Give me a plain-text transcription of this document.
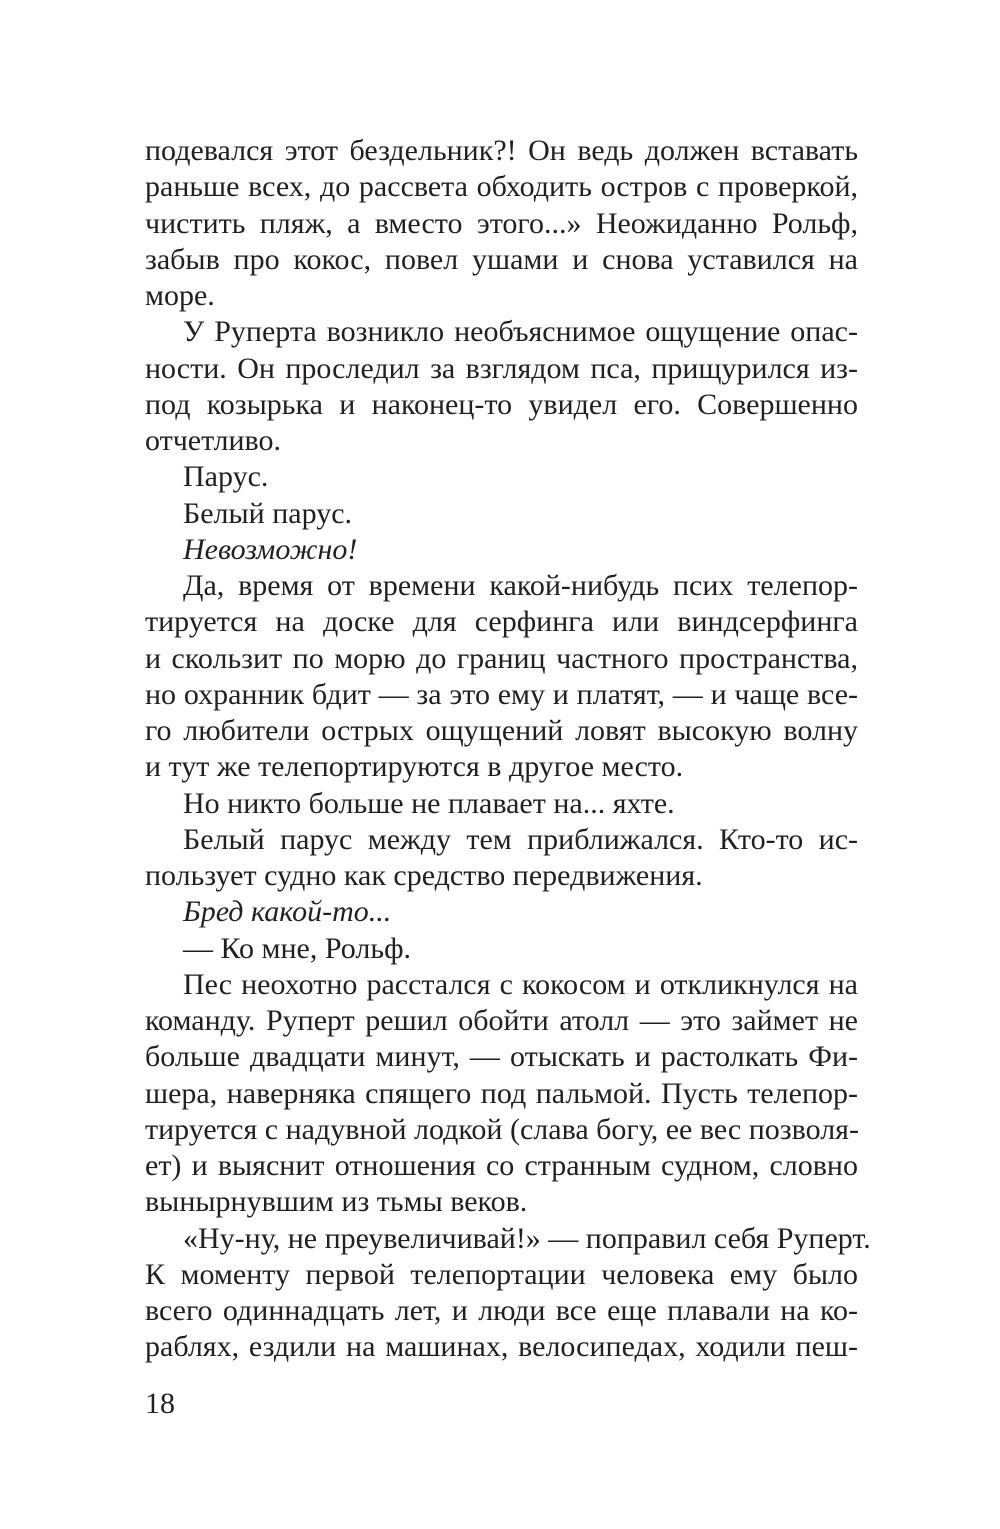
подевался этот бездельник?! Он ведь должен вставать
раньше всех, до рассвета обходить остров с проверкой,
чистить пляж, а вместо этого...» Неожиданно Рольф,
забыв про кокос, повел ушами и снова уставился на
море.
У Руперта возникло необъяснимое ощущение опас-
ности. Он проследил за взглядом пса, прищурился из-
под козырька и наконец-то увидел его. Совершенно
отчетливо.
Парус.
Белый парус.
Невозможно!
Да, время от времени какой-нибудь псих телепор-
тируется на доске для серфинга или виндсерфинга
и скользит по морю до границ частного пространства,
но охранник бдит — за это ему и платят, — и чаще все-
го любители острых ощущений ловят высокую волну
и тут же телепортируются в другое место.
Но никто больше не плавает на... яхте.
Белый парус между тем приближался. Кто-то ис-
пользует судно как средство передвижения.
Бред какой-то...
— Ко мне, Рольф.
Пес неохотно расстался с кокосом и откликнулся на
команду. Руперт решил обойти атолл — это займет не
больше двадцати минут, — отыскать и растолкать Фи-
шера, наверняка спящего под пальмой. Пусть телепор-
тируется с надувной лодкой (слава богу, ее вес позволя-
ет) и выяснит отношения со странным судном, словно
вынырнувшим из тьмы веков.
«Ну-ну, не преувеличивай!» — поправил себя Руперт.
К моменту первой телепортации человека ему было
всего одиннадцать лет, и люди все еще плавали на ко-
раблях, ездили на машинах, велосипедах, ходили пеш-
18
